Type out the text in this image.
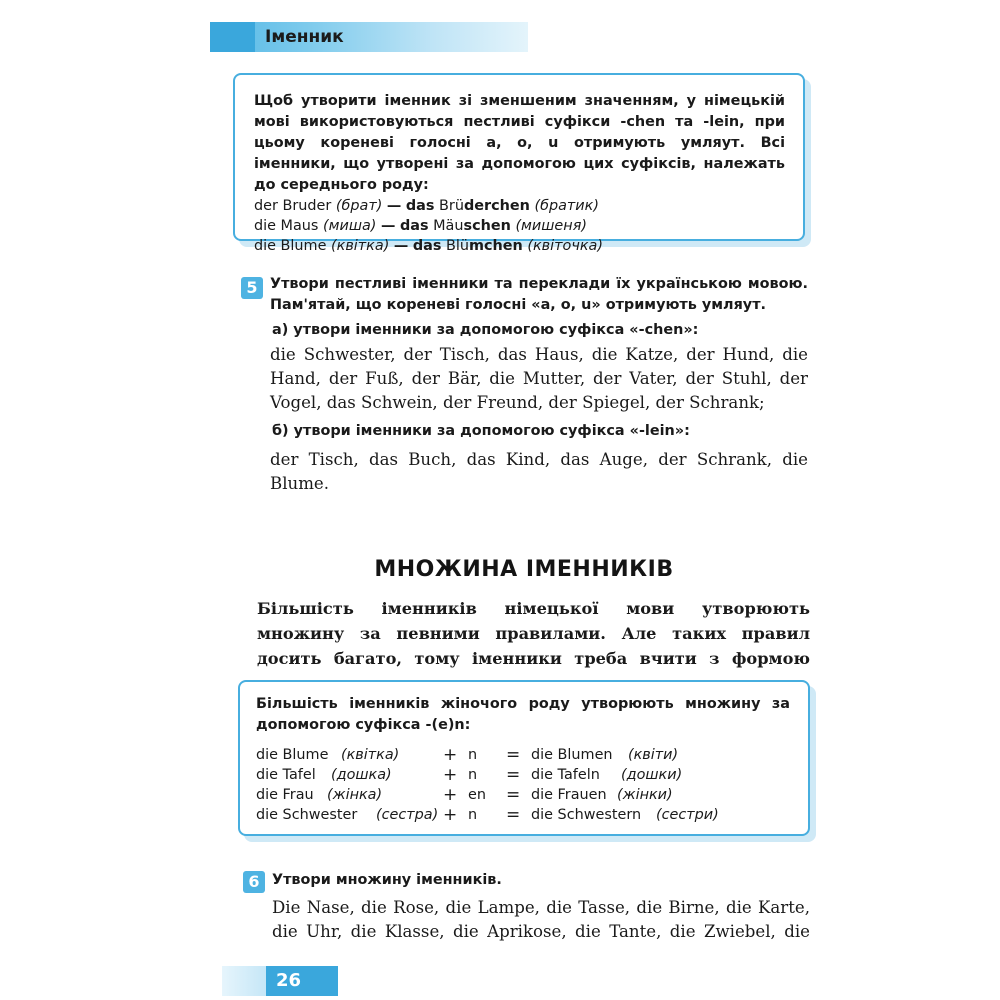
Іменник

Щоб утворити іменник зі зменшеним значенням, у німецькій мові використовуються пестливі суфікси -chen та -lein, при цьому кореневі голосні a, o, u отримують умляут. Всі іменники, що утворені за допомогою цих суфіксів, належать до середнього роду:

der Bruder (брат) — das Brüderchen (братик)

die Maus (миша) — das Mäuschen (мишеня)

die Blume (квітка) — das Blümchen (квіточка)

5 Утвори пестливі іменники та переклади їх українською мовою. Пам'ятай, що кореневі голосні «а, о, u» отримують умляут.
а) утвори іменники за допомогою суфікса «-chen»:
die Schwester, der Tisch, das Haus, die Katze, der Hund, die Hand, der Fuß, der Bär, die Mutter, der Vater, der Stuhl, der Vogel, das Schwein, der Freund, der Spiegel, der Schrank;
б) утвори іменники за допомогою суфікса «-lein»:
der Tisch, das Buch, das Kind, das Auge, der Schrank, die Blume.
МНОЖИНА ІМЕННИКІВ
Більшість іменників німецької мови утворюють множину за певними правилами. Але таких правил досить багато, тому іменники треба вчити з формою

Більшість іменників жіночого роду утворюють множину за допомогою суфікса -(e)n:

die Blume (квітка)	+ n = die Blumen (квіти)
die Tafel (дошка)	+ n = die Tafeln (дошки)
die Frau (жінка)	+ en = die Frauen (жінки)
die Schwester (сестра) + n = die Schwestern (сестри)
6 Утвори множину іменників.
Die Nase, die Rose, die Lampe, die Tasse, die Birne, die Karte, die Uhr, die Klasse, die Aprikose, die Tante, die Zwiebel, die
26
